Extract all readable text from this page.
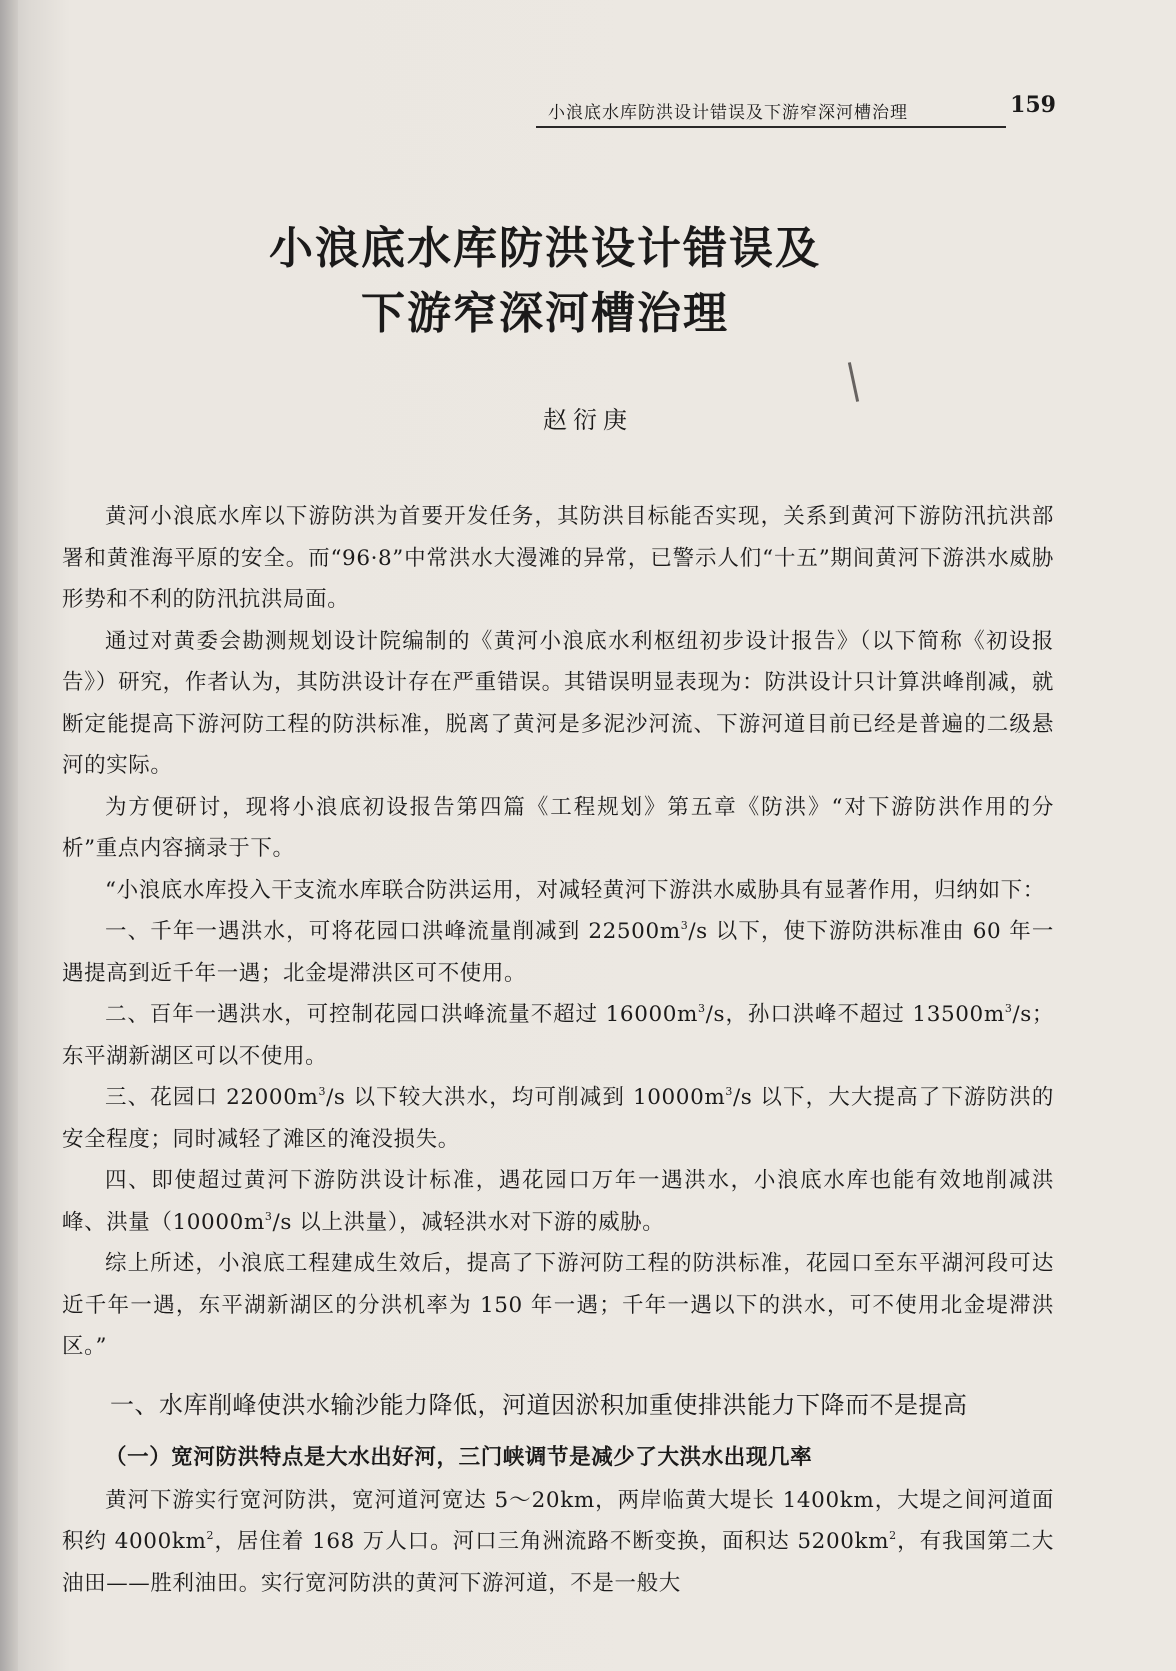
小浪底水库防洪设计错误及下游窄深河槽治理	159
小浪底水库防洪设计错误及
下游窄深河槽治理
赵衍庚

黄河小浪底水库以下游防洪为首要开发任务，其防洪目标能否实现，关系到黄河下游防汛抗洪部署和黄淮海平原的安全。而“96·8”中常洪水大漫滩的异常，已警示人们“十五”期间黄河下游洪水威胁形势和不利的防汛抗洪局面。

通过对黄委会勘测规划设计院编制的《黄河小浪底水利枢纽初步设计报告》（以下简称《初设报告》）研究，作者认为，其防洪设计存在严重错误。其错误明显表现为：防洪设计只计算洪峰削减，就断定能提高下游河防工程的防洪标准，脱离了黄河是多泥沙河流、下游河道目前已经是普遍的二级悬河的实际。

为方便研讨，现将小浪底初设报告第四篇《工程规划》第五章《防洪》“对下游防洪作用的分析”重点内容摘录于下。

“小浪底水库投入干支流水库联合防洪运用，对减轻黄河下游洪水威胁具有显著作用，归纳如下：

一、千年一遇洪水，可将花园口洪峰流量削减到 $22500m^3/s$ 以下，使下游防洪标准由 60 年一遇提高到近千年一遇；北金堤滞洪区可不使用。

二、百年一遇洪水，可控制花园口洪峰流量不超过 $16000m^3/s$，孙口洪峰不超过 $13500m^3/s$；东平湖新湖区可以不使用。

三、花园口 $22000m^3/s$ 以下较大洪水，均可削减到 $10000m^3/s$ 以下，大大提高了下游防洪的安全程度；同时减轻了滩区的淹没损失。

四、即使超过黄河下游防洪设计标准，遇花园口万年一遇洪水，小浪底水库也能有效地削减洪峰、洪量（$10000m^3/s$ 以上洪量），减轻洪水对下游的威胁。

综上所述，小浪底工程建成生效后，提高了下游河防工程的防洪标准，花园口至东平湖河段可达近千年一遇，东平湖新湖区的分洪机率为 150 年一遇；千年一遇以下的洪水，可不使用北金堤滞洪区。”

一、水库削峰使洪水输沙能力降低，河道因淤积加重使排洪能力下降而不是提高
（一）宽河防洪特点是大水出好河，三门峡调节是减少了大洪水出现几率

黄河下游实行宽河防洪，宽河道河宽达 5～20km，两岸临黄大堤长 1400km，大堤之间河道面积约 $4000km^2$，居住着 168 万人口。河口三角洲流路不断变换，面积达 $5200km^2$，有我国第二大油田——胜利油田。实行宽河防洪的黄河下游河道，不是一般大
